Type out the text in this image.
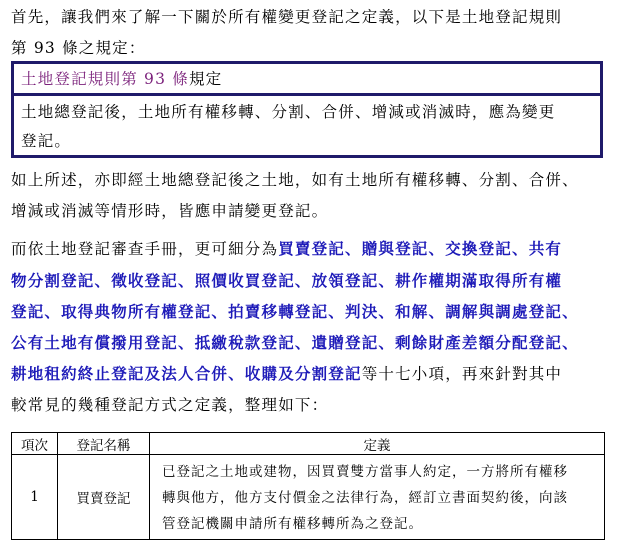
首先，讓我們來了解一下關於所有權變更登記之定義，以下是土地登記規則
第 93 條之規定：
土地登記規則第 93 條規定
土地總登記後，土地所有權移轉、分割、合併、增減或消滅時，應為變更
登記。
如上所述，亦即經土地總登記後之土地，如有土地所有權移轉、分割、合併、
增減或消滅等情形時，皆應申請變更登記。
而依土地登記審查手冊，更可細分為買賣登記、贈與登記、交換登記、共有
物分割登記、徵收登記、照價收買登記、放領登記、耕作權期滿取得所有權
登記、取得典物所有權登記、拍賣移轉登記、判決、和解、調解與調處登記、
公有土地有償撥用登記、抵繳稅款登記、遺贈登記、剩餘財產差額分配登記、
耕地租約終止登記及法人合併、收購及分割登記等十七小項，再來針對其中
較常見的幾種登記方式之定義，整理如下：
項次	登記名稱	定義
1	買賣登記	已登記之土地或建物，因買賣雙方當事人約定，一方將所有權移
轉與他方，他方支付價金之法律行為，經訂立書面契約後，向該
管登記機關申請所有權移轉所為之登記。
